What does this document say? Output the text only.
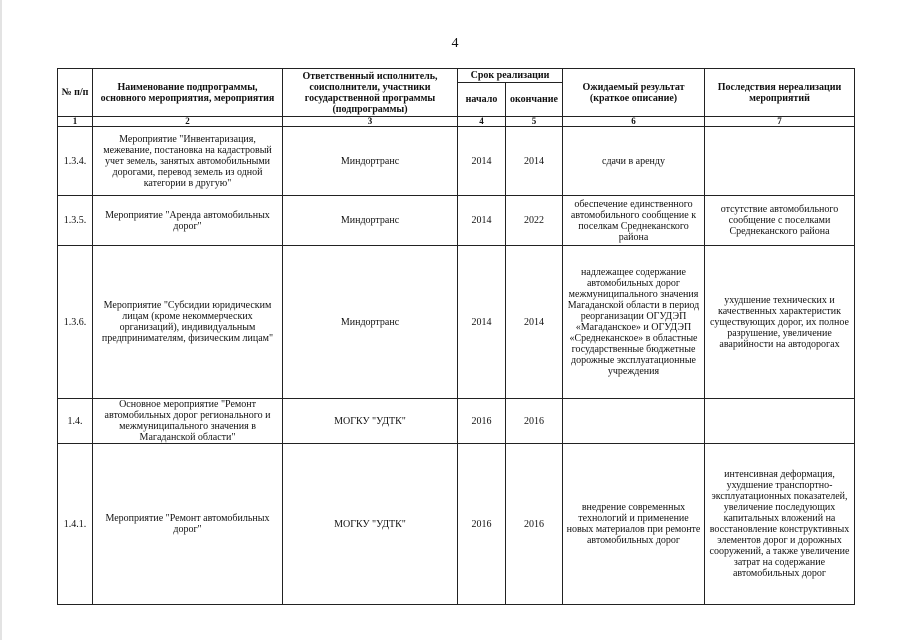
4
№ п/п	Наименование подпрограммы, основного мероприятия, мероприятия	Ответственный исполнитель, соисполнители, участники государственной программы (подпрограммы)	Срок реализации		Ожидаемый результат (краткое описание)	Последствия нереализации мероприятий
			начало	окончание		
1	2	3	4	5	6	7
1.3.4.	Мероприятие "Инвентаризация, межевание, постановка на кадастровый учет земель, занятых автомобильными дорогами, перевод земель из одной категории в другую"	Миндортранс	2014	2014	сдачи в аренду	
1.3.5.	Мероприятие "Аренда автомобильных дорог"	Миндортранс	2014	2022	обеспечение единственного автомобильного сообщение к поселкам Среднеканского района	отсутствие автомобильного сообщение с поселками Среднеканского района
1.3.6.	Мероприятие "Субсидии юридическим лицам (кроме некоммерческих организаций), индивидуальным предпринимателям, физическим лицам"	Миндортранс	2014	2014	надлежащее содержание автомобильных дорог межмуниципального значения Магаданской области в период реорганизации ОГУДЭП «Магаданское» и ОГУДЭП «Среднеканское» в областные государственные бюджетные дорожные эксплуатационные учреждения	ухудшение технических и качественных характеристик существующих дорог, их полное разрушение, увеличение аварийности на автодорогах
1.4.	Основное мероприятие "Ремонт автомобильных дорог регионального и межмуниципального значения в Магаданской области"	МОГКУ "УДТК"	2016	2016		
1.4.1.	Мероприятие "Ремонт автомобильных дорог"	МОГКУ "УДТК"	2016	2016	внедрение современных технологий и применение новых материалов при ремонте автомобильных дорог	интенсивная деформация, ухудшение транспортно-эксплуатационных показателей, увеличение последующих капитальных вложений на восстановление конструктивных элементов дорог и дорожных сооружений, а также увеличение затрат на содержание автомобильных дорог
